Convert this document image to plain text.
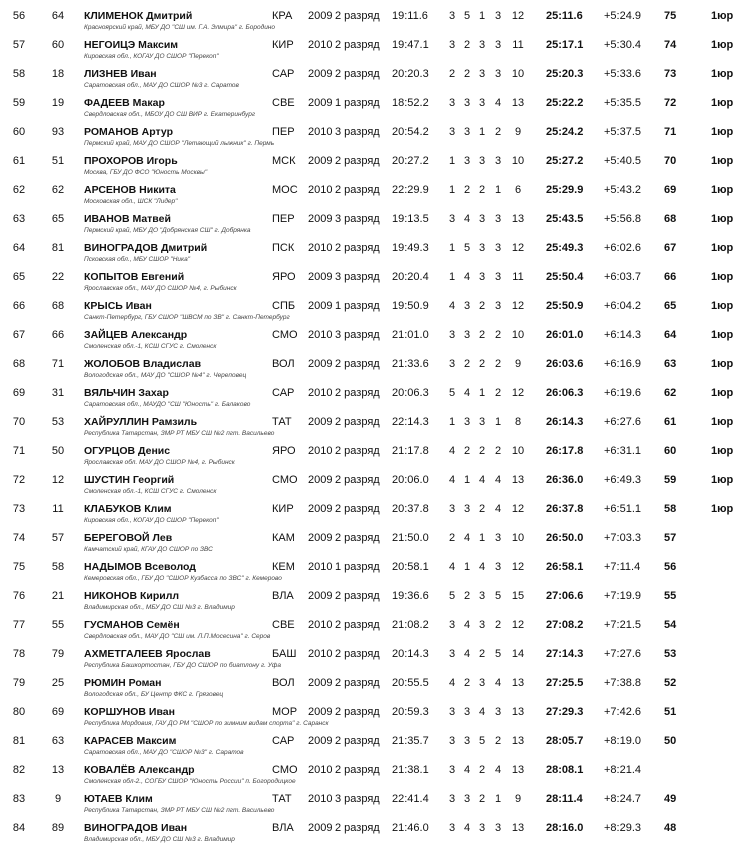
56	64 КЛИМЕНОК Дмитрий	КРА 2009 2 разряд 19:11.6 3 5 1 3 12 25:11.6 +5:24.9 75	1юр
Красноярский край, МБУ ДО "СШ им. Г.А. Элмира" г. Бородино
57	60 НЕГОИЦЭ Максим	КИР 2010 2 разряд 19:47.1 3 2 3 3 11 25:17.1 +5:30.4 74	1юр
Кировская обл., КОГАУ ДО СШОР "Перекоп"
58	18 ЛИЗНЕВ Иван	САР 2009 2 разряд 20:20.3 2 2 3 3 10 25:20.3 +5:33.6 73	1юр
Саратовская обл., МАУ ДО СШОР №3 г. Саратов
59	19 ФАДЕЕВ Макар	СВЕ 2009 1 разряд 18:52.2 3 3 3 4 13 25:22.2 +5:35.5 72	1юр
Свердловская обл., МБОУ ДО СШ ВИР г. Екатеринбург
60	93 РОМАНОВ Артур	ПЕР 2010 3 разряд 20:54.2 3 3 1 2	9	25:24.2 +5:37.5 71	1юр
Пермский край, МАУ ДО СШОР "Летающий лыжник" г. Пермь
61	51 ПРОХОРОВ Игорь	МСК 2009 2 разряд 20:27.2 1 3 3 3 10 25:27.2 +5:40.5 70	1юр
Москва, ГБУ ДО ФСО "Юность Москвы"
62	62 АРСЕНОВ Никита	МОС 2010 2 разряд 22:29.9 1 2 2 1	6	25:29.9 +5:43.2 69	1юр
Московская обл., ШСК "Лидер"
63	65 ИВАНОВ Матвей	ПЕР 2009 3 разряд 19:13.5 3 4 3 3 13 25:43.5 +5:56.8 68	1юр
Пермский край, МБУ ДО "Добрянская СШ" г. Добрянка
64	81 ВИНОГРАДОВ Дмитрий	ПСК 2010 2 разряд 19:49.3 1 5 3 3 12 25:49.3 +6:02.6 67	1юр
Псковская обл., МБУ СШОР "Ника"
65	22 КОПЫТОВ Евгений	ЯРО 2009 3 разряд 20:20.4 1 4 3 3 11 25:50.4 +6:03.7 66	1юр
Ярославская обл., МАУ ДО СШОР №4, г. Рыбинск
66	68 КРЫСЬ Иван	СПБ 2009 1 разряд 19:50.9 4 3 2 3 12 25:50.9 +6:04.2 65	1юр
Санкт-Петербург, ГБУ СШОР "ШВСМ по ЗВ" г. Санкт-Петербург
67	66 ЗАЙЦЕВ Александр	СМО 2010 3 разряд 21:01.0 3 3 2 2 10 26:01.0 +6:14.3 64	1юр
Смоленская обл.-1, КСШ СГУС г. Смоленск
68	71 ЖОЛОБОВ Владислав	ВОЛ 2009 2 разряд 21:33.6 3 2 2 2	9	26:03.6 +6:16.9 63	1юр
Вологодская обл., МАУ ДО "СШОР №4" г. Череповец
69	31 ВЯЛЬЧИН Захар	САР 2010 2 разряд 20:06.3 5 4 1 2 12 26:06.3 +6:19.6 62	1юр
Саратовская обл., МАУДО "СШ "Юность" г. Балаково
70	53 ХАЙРУЛЛИН Рамзиль	ТАТ 2009 2 разряд 22:14.3 1 3 3 1	8	26:14.3 +6:27.6 61	1юр
Республика Татарстан, ЗМР РТ МБУ СШ №2 пгт. Васильево
71	50 ОГУРЦОВ Денис	ЯРО 2010 2 разряд 21:17.8 4 2 2 2 10 26:17.8 +6:31.1 60	1юр
Ярославская обл. МАУ ДО СШОР №4, г. Рыбинск
72	12 ШУСТИН Георгий	СМО 2009 2 разряд 20:06.0 4 1 4 4 13 26:36.0 +6:49.3 59	1юр
Смоленская обл.-1, КСШ СГУС г. Смоленск
73	11 КЛАБУКОВ Клим	КИР 2009 2 разряд 20:37.8 3 3 2 4 12 26:37.8 +6:51.1 58	1юр
Кировская обл., КОГАУ ДО СШОР "Перекоп"
74	57 БЕРЕГОВОЙ Лев	КАМ 2009 2 разряд 21:50.0 2 4 1 3 10 26:50.0 +7:03.3 57
Камчатский край, КГАУ ДО СШОР по ЗВС
75	58 НАДЫМОВ Всеволод	КЕМ 2010 1 разряд 20:58.1 4 1 4 3 12 26:58.1 +7:11.4 56
Кемеровская обл., ГБУ ДО "СШОР Кузбасса по ЗВС" г. Кемерово
76	21 НИКОНОВ Кирилл	ВЛА 2009 2 разряд 19:36.6 5 2 3 5 15 27:06.6 +7:19.9 55
Владимирская обл., МБУ ДО СШ №3 г. Владимир
77	55 ГУСМАНОВ Семён	СВЕ 2010 2 разряд 21:08.2 3 4 3 2 12 27:08.2 +7:21.5 54
Свердловская обл., МАУ ДО "СШ им. Л.П.Мосесина" г. Серов
78	79 АХМЕТГАЛЕЕВ Ярослав	БАШ 2010 2 разряд 20:14.3 3 4 2 5 14 27:14.3 +7:27.6 53
Республика Башкортостан, ГБУ ДО СШОР по биатлону г. Уфа
79	25 РЮМИН Роман	ВОЛ 2009 2 разряд 20:55.5 4 2 3 4 13 27:25.5 +7:38.8 52
Вологодская обл., БУ Центр ФКС г. Грязовец
80	69 КОРШУНОВ Иван	МОР 2009 2 разряд 20:59.3 3 3 4 3 13 27:29.3 +7:42.6 51
Республика Мордовия, ГАУ ДО РМ "СШОР по зимним видам спорта" г. Саранск
81	63 КАРАСЕВ Максим	САР 2009 2 разряд 21:35.7 3 3 5 2 13 28:05.7 +8:19.0 50
Саратовская обл., МАУ ДО "СШОР №3" г. Саратов
82	13 КОВАЛЁВ Александр	СМО 2010 2 разряд 21:38.1 3 4 2 4 13 28:08.1 +8:21.4
Смоленская обл-2., СОГБУ СШОР "Юность России" п. Богородицкое
83	9	ЮТАЕВ Клим	ТАТ 2010 3 разряд 22:41.4 3 3 2 1	9	28:11.4 +8:24.7 49
Республика Татарстан, ЗМР РТ МБУ СШ №2 пгт. Васильево
84	89 ВИНОГРАДОВ Иван	ВЛА 2009 2 разряд 21:46.0 3 4 3 3 13 28:16.0 +8:29.3 48
Владимирская обл., МБУ ДО СШ №3 г. Владимир
